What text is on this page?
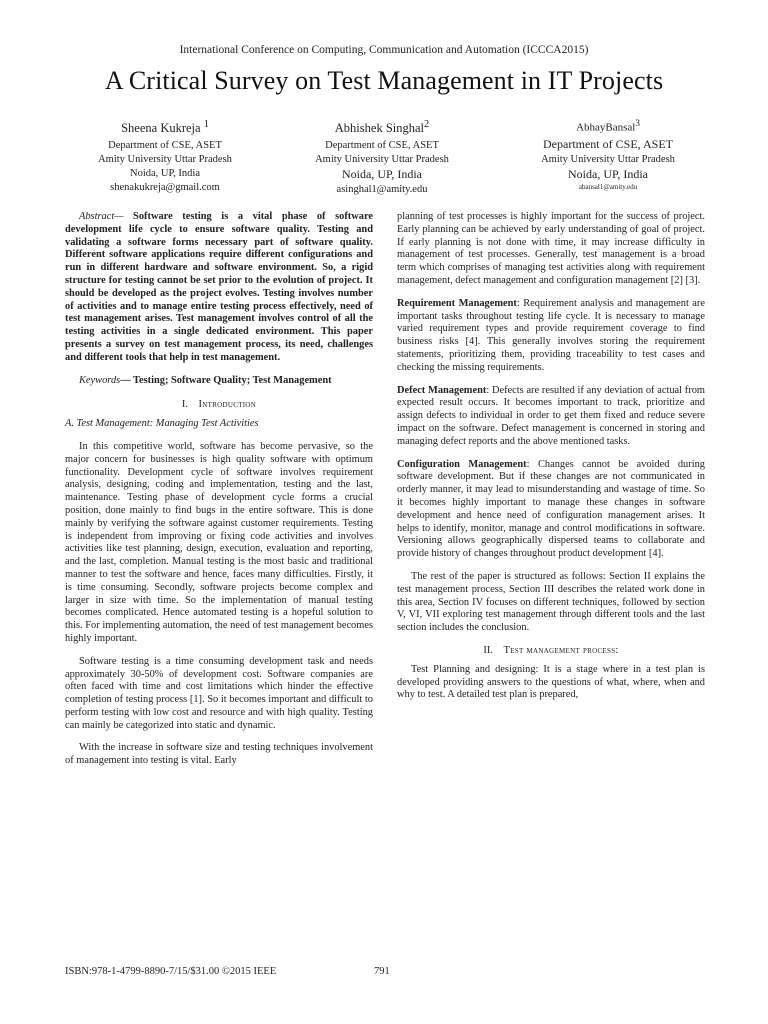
International Conference on Computing, Communication and Automation (ICCCA2015)
A Critical Survey on Test Management in IT Projects
Sheena Kukreja $^1$
Department of CSE, ASET
Amity University Uttar Pradesh
Noida, UP, India
shenakukreja@gmail.com
Abhishek Singhal$^2$
Department of CSE, ASET
Amity University Uttar Pradesh
Noida, UP, India
asinghal1@amity.edu
AbhayBansal$^3$
Department of CSE, ASET
Amity University Uttar Pradesh
Noida, UP, India
abansal1@amity.edu

Abstract— Software testing is a vital phase of software development life cycle to ensure software quality. Testing and validating a software forms necessary part of software quality. Different software applications require different configurations and run in different hardware and software environment. So, a rigid structure for testing cannot be set prior to the evolution of project. It should be developed as the project evolves. Testing involves number of activities and to manage entire testing process effectively, need of test management arises. Test management involves control of all the testing activities in a single dedicated environment. This paper presents a survey on test management process, its need, challenges and different tools that help in test management.

Keywords— Testing; Software Quality; Test Management

I. Introduction

A. Test Management: Managing Test Activities

In this competitive world, software has become pervasive, so the major concern for businesses is high quality software with optimum functionality. Development cycle of software involves requirement analysis, designing, coding and implementation, testing and the last, maintenance. Testing phase of development cycle forms a crucial position, done mainly to find bugs in the entire software. This is done mainly by verifying the software against customer requirements. Testing is independent from improving or fixing code activities and involves activities like test planning, design, execution, evaluation and reporting, and the last, completion. Manual testing is the most basic and traditional manner to test the software and hence, faces many difficulties. Firstly, it is time consuming. Secondly, software projects become complex and larger in size with time. So the implementation of manual testing becomes complicated. Hence automated testing is a hopeful solution to this. For implementing automation, the need of test management becomes highly important.

Software testing is a time consuming development task and needs approximately 30-50% of development cost. Software companies are often faced with time and cost limitations which hinder the effective completion of testing process [1]. So it becomes important and difficult to perform testing with low cost and resource and with high quality. Testing can mainly be categorized into static and dynamic.

With the increase in software size and testing techniques involvement of management into testing is vital. Early

planning of test processes is highly important for the success of project. Early planning can be achieved by early understanding of goal of project. If early planning is not done with time, it may increase difficulty in management of test processes. Generally, test management is a broad term which comprises of managing test activities along with requirement management, defect management and configuration management [2] [3].

Requirement Management: Requirement analysis and management are important tasks throughout testing life cycle. It is necessary to manage varied requirement types and provide requirement coverage to find business risks [4]. This generally involves storing the requirement statements, prioritizing them, providing traceability to test cases and checking the missing requirements.

Defect Management: Defects are resulted if any deviation of actual from expected result occurs. It becomes important to track, prioritize and assign defects to individual in order to get them fixed and reduce severe impact on the software. Defect management is concerned in storing and managing defect reports and the above mentioned tasks.

Configuration Management: Changes cannot be avoided during software development. But if these changes are not communicated in orderly manner, it may lead to misunderstanding and wastage of time. So it becomes highly important to manage these changes in software development and hence need of configuration management arises. It helps to identify, monitor, manage and control modifications in software. Versioning allows geographically dispersed teams to collaborate and provide history of changes throughout product development [4].

The rest of the paper is structured as follows: Section II explains the test management process, Section III describes the related work done in this area, Section IV focuses on different techniques, followed by section V, VI, VII exploring test management through different tools and the last section includes the conclusion.

II. Test management process:

Test Planning and designing: It is a stage where in a test plan is developed providing answers to the questions of what, where, when and why to test. A detailed test plan is prepared,

ISBN:978-1-4799-8890-7/15/$31.00 ©2015 IEEE	791
